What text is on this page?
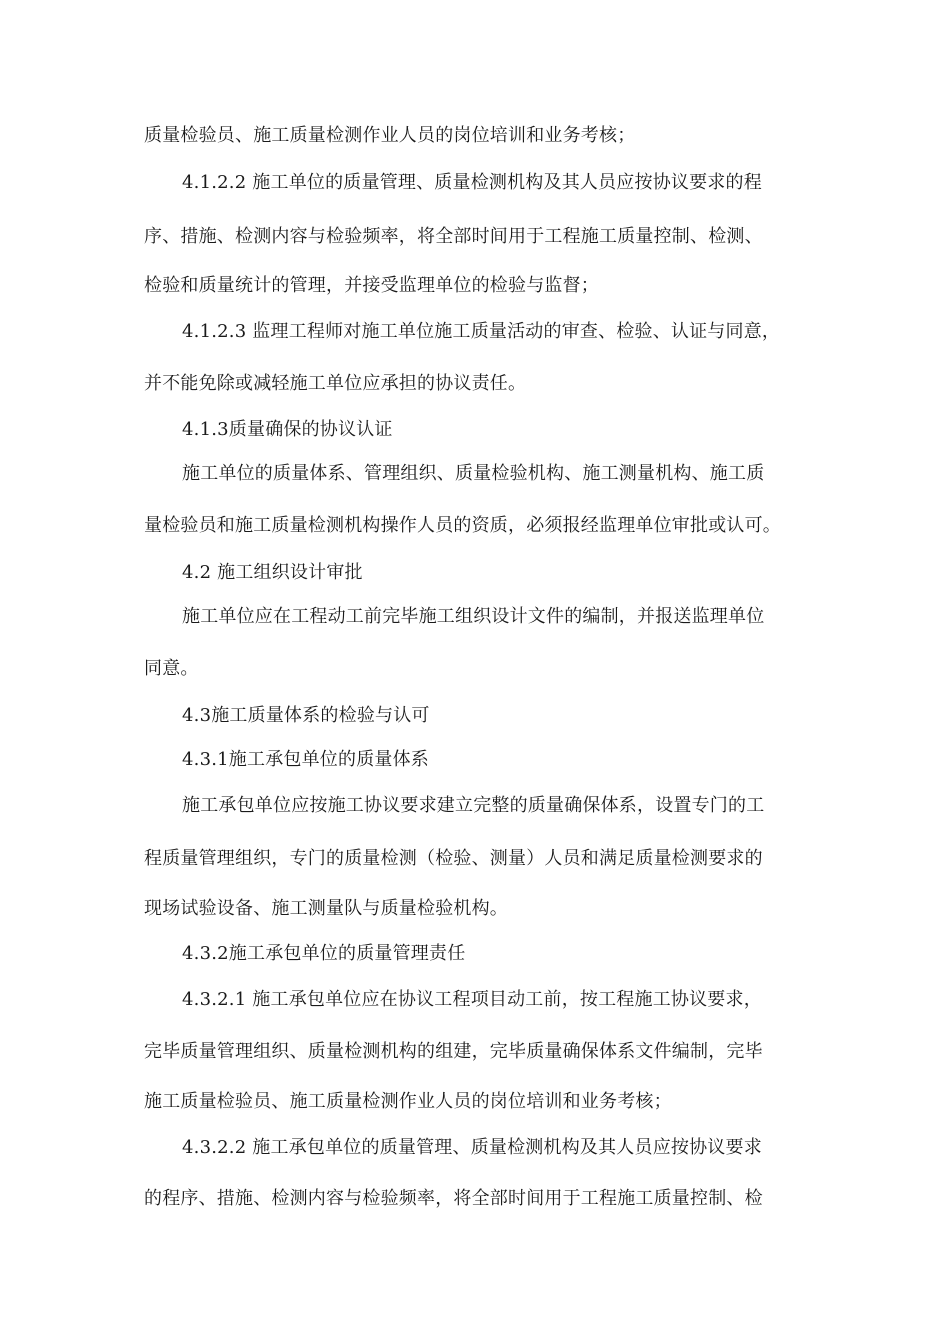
质量检验员、施工质量检测作业人员的岗位培训和业务考核；
4.1.2.2 施工单位的质量管理、质量检测机构及其人员应按协议要求的程
序、措施、检测内容与检验频率，将全部时间用于工程施工质量控制、检测、
检验和质量统计的管理，并接受监理单位的检验与监督；
4.1.2.3 监理工程师对施工单位施工质量活动的审查、检验、认证与同意，
并不能免除或减轻施工单位应承担的协议责任。
4.1.3质量确保的协议认证
施工单位的质量体系、管理组织、质量检验机构、施工测量机构、施工质
量检验员和施工质量检测机构操作人员的资质，必须报经监理单位审批或认可。
4.2 施工组织设计审批
施工单位应在工程动工前完毕施工组织设计文件的编制，并报送监理单位
同意。
4.3施工质量体系的检验与认可
4.3.1施工承包单位的质量体系
施工承包单位应按施工协议要求建立完整的质量确保体系，设置专门的工
程质量管理组织，专门的质量检测（检验、测量）人员和满足质量检测要求的
现场试验设备、施工测量队与质量检验机构。
4.3.2施工承包单位的质量管理责任
4.3.2.1 施工承包单位应在协议工程项目动工前，按工程施工协议要求，
完毕质量管理组织、质量检测机构的组建，完毕质量确保体系文件编制，完毕
施工质量检验员、施工质量检测作业人员的岗位培训和业务考核；
4.3.2.2 施工承包单位的质量管理、质量检测机构及其人员应按协议要求
的程序、措施、检测内容与检验频率，将全部时间用于工程施工质量控制、检
